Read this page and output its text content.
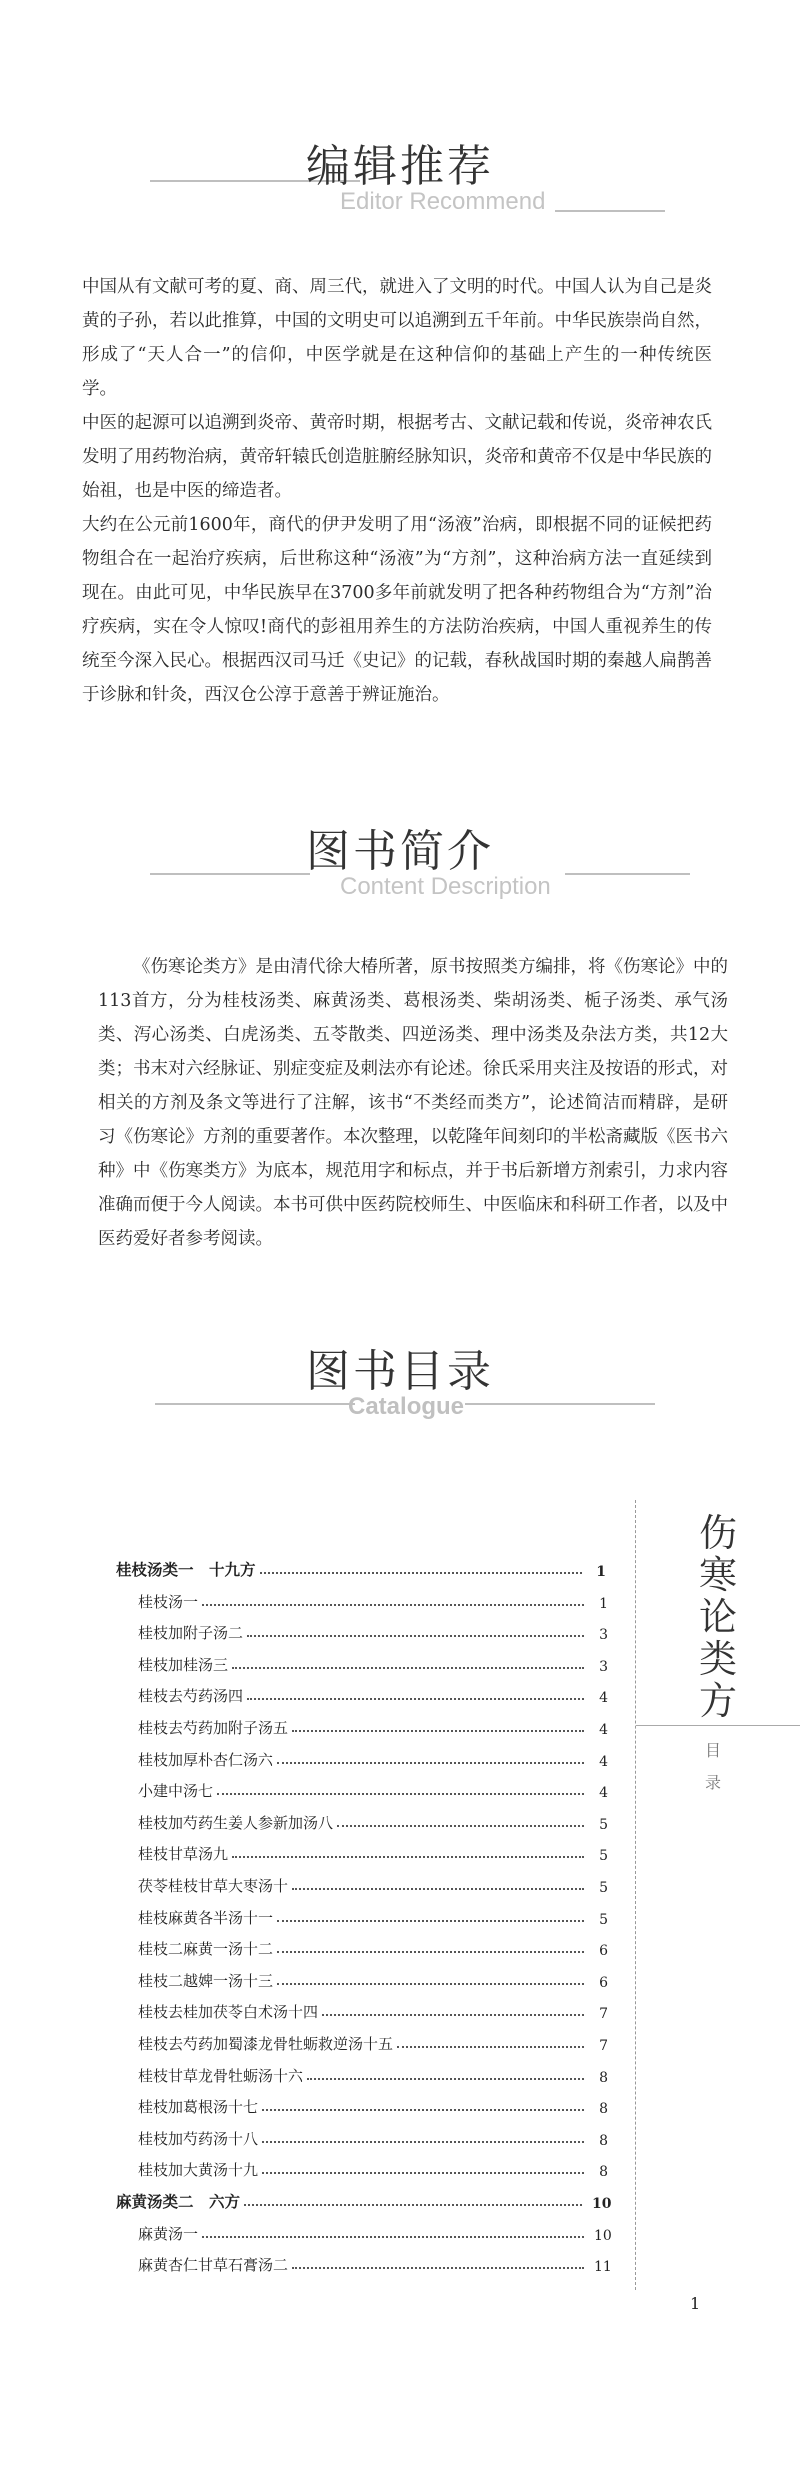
编辑推荐
Editor Recommend

中国从有文献可考的夏、商、周三代，就进入了文明的时代。中国人认为自己是炎黄的子孙，若以此推算，中国的文明史可以追溯到五千年前。中华民族崇尚自然，形成了“天人合一”的信仰，中医学就是在这种信仰的基础上产生的一种传统医学。

中医的起源可以追溯到炎帝、黄帝时期，根据考古、文献记载和传说，炎帝神农氏发明了用药物治病，黄帝轩辕氏创造脏腑经脉知识，炎帝和黄帝不仅是中华民族的始祖，也是中医的缔造者。

大约在公元前1600年，商代的伊尹发明了用“汤液”治病，即根据不同的证候把药物组合在一起治疗疾病，后世称这种“汤液”为“方剂”，这种治病方法一直延续到现在。由此可见，中华民族早在3700多年前就发明了把各种药物组合为“方剂”治疗疾病，实在令人惊叹!商代的彭祖用养生的方法防治疾病，中国人重视养生的传统至今深入民心。根据西汉司马迁《史记》的记载，春秋战国时期的秦越人扁鹊善于诊脉和针灸，西汉仓公淳于意善于辨证施治。

图书简介
Content Description

《伤寒论类方》是由清代徐大椿所著，原书按照类方编排，将《伤寒论》中的113首方，分为桂枝汤类、麻黄汤类、葛根汤类、柴胡汤类、栀子汤类、承气汤类、泻心汤类、白虎汤类、五苓散类、四逆汤类、理中汤类及杂法方类，共12大类；书末对六经脉证、别症变症及刺法亦有论述。徐氏采用夹注及按语的形式，对相关的方剂及条文等进行了注解，该书“不类经而类方”，论述简洁而精辟，是研习《伤寒论》方剂的重要著作。本次整理，以乾隆年间刻印的半松斋藏版《医书六种》中《伤寒类方》为底本，规范用字和标点，并于书后新增方剂索引，力求内容准确而便于今人阅读。本书可供中医药院校师生、中医临床和科研工作者，以及中医药爱好者参考阅读。

图书目录
Catalogue
桂枝汤类一　十九方	1
桂枝汤一	1
桂枝加附子汤二	3
桂枝加桂汤三	3
桂枝去芍药汤四	4
桂枝去芍药加附子汤五	4
桂枝加厚朴杏仁汤六	4
小建中汤七	4
桂枝加芍药生姜人参新加汤八	5
桂枝甘草汤九	5
茯苓桂枝甘草大枣汤十	5
桂枝麻黄各半汤十一	5
桂枝二麻黄一汤十二	6
桂枝二越婢一汤十三	6
桂枝去桂加茯苓白术汤十四	7
桂枝去芍药加蜀漆龙骨牡蛎救逆汤十五	7
桂枝甘草龙骨牡蛎汤十六	8
桂枝加葛根汤十七	8
桂枝加芍药汤十八	8
桂枝加大黄汤十九	8
麻黄汤类二　六方	10
麻黄汤一	10
麻黄杏仁甘草石膏汤二	11
伤寒论类方
目录
1
